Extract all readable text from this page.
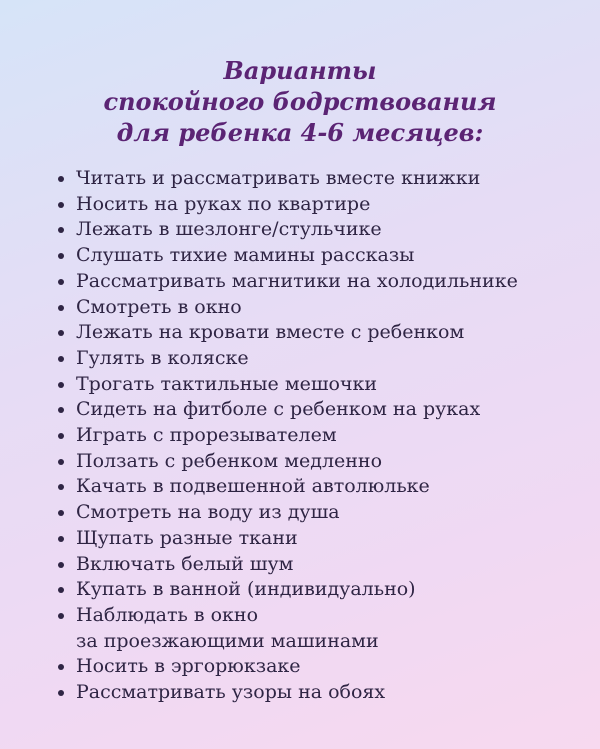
Варианты
спокойного бодрствования
для ребенка 4-6 месяцев:
Читать и рассматривать вместе книжки
Носить на руках по квартире
Лежать в шезлонге/стульчике
Слушать тихие мамины рассказы
Рассматривать магнитики на холодильнике
Смотреть в окно
Лежать на кровати вместе с ребенком
Гулять в коляске
Трогать тактильные мешочки
Сидеть на фитболе с ребенком на руках
Играть с прорезывателем
Ползать с ребенком медленно
Качать в подвешенной автолюльке
Смотреть на воду из душа
Щупать разные ткани
Включать белый шум
Купать в ванной (индивидуально)
Наблюдать в окно
за проезжающими машинами
Носить в эргорюкзаке
Рассматривать узоры на обоях
